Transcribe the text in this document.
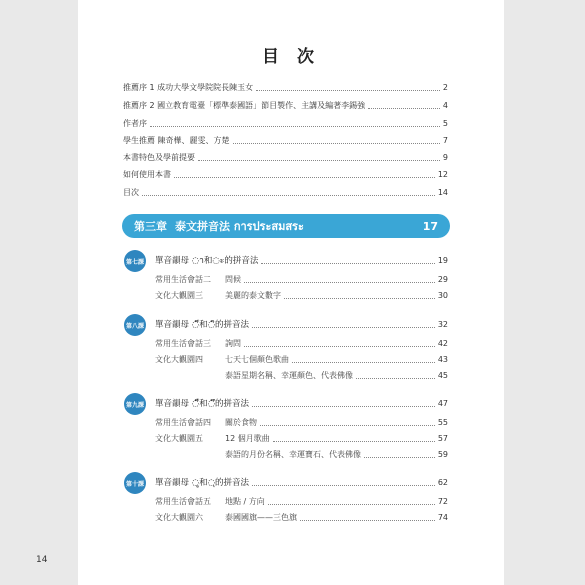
目 次
推薦序 1 成功大學文學院院長陳玉女	2
推薦序 2 國立教育電臺「標準泰國語」節目製作、主講及編著李錫強	4
作者序	5
學生推薦 陳奇樺、麗雯、方楚	7
本書特色及學前提要	9
如何使用本書	12
目次	14
第三章 泰文拼音法 การประสมสระ	17
第七課 單音韻母 ◌า和◌ะ的拼音法	19
常用生活會話二	問候	29
文化大觀園三	美麗的泰文數字	30
第八課 單音韻母 ◌ี和◌ิ的拼音法	32
常用生活會話三	詢問	42
文化大觀園四	七天七個顏色歌曲	43
泰語星期名稱、幸運顏色、代表佛像	45
第九課 單音韻母 ◌ื和◌ึ的拼音法	47
常用生活會話四	關於食物	55
文化大觀園五	12 個月歌曲	57
泰語的月份名稱、幸運寶石、代表佛像	59
第十課 單音韻母 ◌ู和◌ุ的拼音法	62
常用生活會話五	地點 / 方向	72
文化大觀園六	泰國國旗——三色旗	74
14
